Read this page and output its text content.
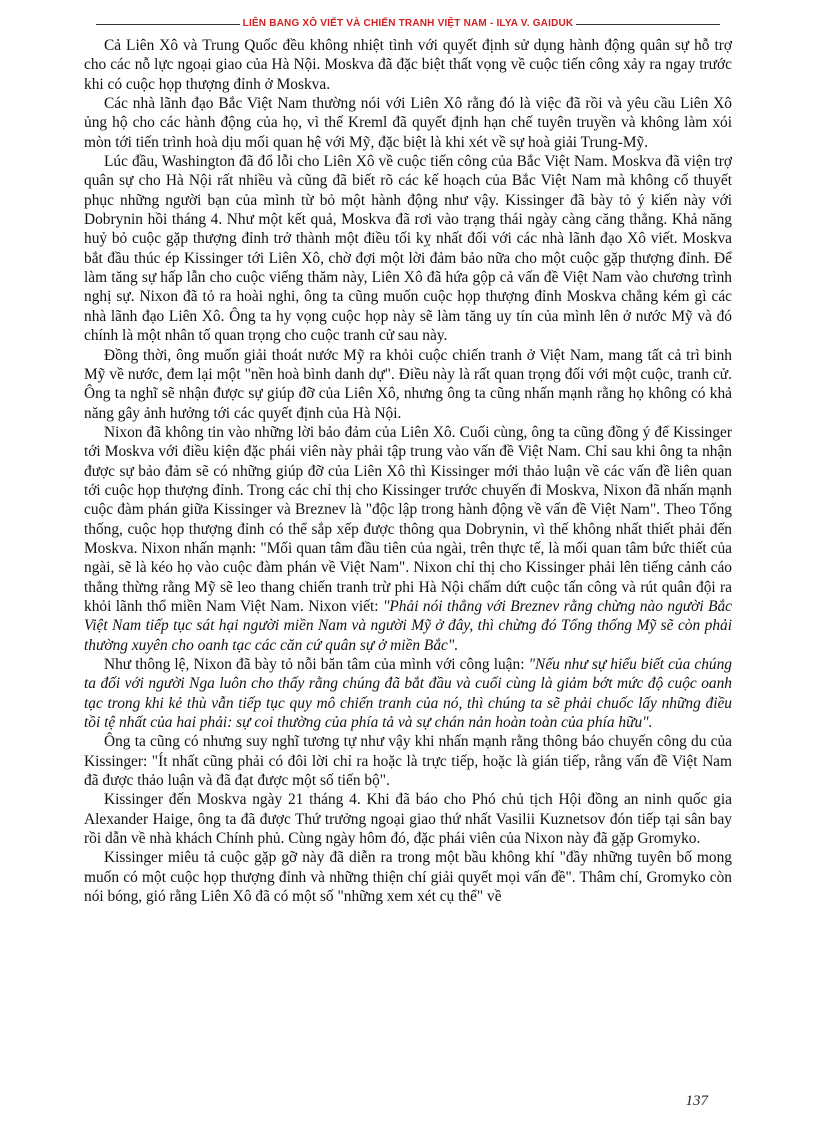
LIÊN BANG XÔ VIẾT VÀ CHIẾN TRANH VIỆT NAM - ILYA V. GAIDUK

Cả Liên Xô và Trung Quốc đều không nhiệt tình với quyết định sử dụng hành động quân sự hỗ trợ cho các nỗ lực ngoại giao của Hà Nội. Moskva đã đặc biệt thất vọng về cuộc tiến công xảy ra ngay trước khi có cuộc họp thượng đỉnh ở Moskva.

Các nhà lãnh đạo Bắc Việt Nam thường nói với Liên Xô rằng đó là việc đã rồi và yêu cầu Liên Xô ủng hộ cho các hành động của họ, vì thế Kreml đã quyết định hạn chế tuyên truyền và không làm xói mòn tới tiến trình hoà dịu mối quan hệ với Mỹ, đặc biệt là khi xét về sự hoà giải Trung-Mỹ.

Lúc đầu, Washington đã đổ lỗi cho Liên Xô về cuộc tiến công của Bắc Việt Nam. Moskva đã viện trợ quân sự cho Hà Nội rất nhiều và cũng đã biết rõ các kế hoạch của Bắc Việt Nam mà không cố thuyết phục những người bạn của mình từ bỏ một hành động như vậy. Kissinger đã bày tỏ ý kiến này với Dobrynin hồi tháng 4. Như một kết quả, Moskva đã rơi vào trạng thái ngày càng căng thẳng. Khả năng huỷ bỏ cuộc gặp thượng đỉnh trở thành một điều tối kỵ nhất đối với các nhà lãnh đạo Xô viết. Moskva bắt đầu thúc ép Kissinger tới Liên Xô, chờ đợi một lời đảm bảo nữa cho một cuộc gặp thượng đỉnh. Để làm tăng sự hấp lẫn cho cuộc viếng thăm này, Liên Xô đã hứa gộp cả vấn đề Việt Nam vào chương trình nghị sự. Nixon đã tỏ ra hoài nghi, ông ta cũng muốn cuộc họp thượng đỉnh Moskva chẳng kém gì các nhà lãnh đạo Liên Xô. Ông ta hy vọng cuộc họp này sẽ làm tăng uy tín của mình lên ở nước Mỹ và đó chính là một nhân tố quan trọng cho cuộc tranh cử sau này.

Đồng thời, ông muốn giải thoát nước Mỹ ra khỏi cuộc chiến tranh ở Việt Nam, mang tất cả trì binh Mỹ về nước, đem lại một "nền hoà bình danh dự". Điều này là rất quan trọng đối với một cuộc, tranh cử. Ông ta nghĩ sẽ nhận được sự giúp đỡ của Liên Xô, nhưng ông ta cũng nhấn mạnh rằng họ không có khả năng gây ảnh hưởng tới các quyết định của Hà Nội.

Nixon đã không tin vào những lời bảo đảm của Liên Xô. Cuối cùng, ông ta cũng đồng ý để Kissinger tới Moskva với điều kiện đặc phái viên này phải tập trung vào vấn đề Việt Nam. Chỉ sau khi ông ta nhận được sự bảo đảm sẽ có những giúp đỡ của Liên Xô thì Kissinger mới thảo luận về các vấn đề liên quan tới cuộc họp thượng đỉnh. Trong các chỉ thị cho Kissinger trước chuyến đi Moskva, Nixon đã nhấn mạnh cuộc đàm phán giữa Kissinger và Breznev là "độc lập trong hành động về vấn đề Việt Nam". Theo Tổng thống, cuộc họp thượng đỉnh có thể sắp xếp được thông qua Dobrynin, vì thế không nhất thiết phải đến Moskva. Nixon nhấn mạnh: "Mối quan tâm đầu tiên của ngài, trên thực tế, là mối quan tâm bức thiết của ngài, sẽ là kéo họ vào cuộc đàm phán về Việt Nam". Nixon chỉ thị cho Kissinger phải lên tiếng cảnh cáo thẳng thừng rằng Mỹ sẽ leo thang chiến tranh trừ phi Hà Nội chấm dứt cuộc tấn công và rút quân đội ra khỏi lãnh thổ miền Nam Việt Nam. Nixon viết: "Phải nói thẳng với Breznev rằng chừng nào người Bắc Việt Nam tiếp tục sát hại người miền Nam và người Mỹ ở đây, thì chừng đó Tổng thống Mỹ sẽ còn phải thường xuyên cho oanh tạc các căn cứ quân sự ở miền Bắc".

Như thông lệ, Nixon đã bày tỏ nỗi băn tâm của mình với công luận: "Nếu như sự hiểu biết của chúng ta đối với người Nga luôn cho thấy rằng chúng đã bắt đầu và cuối cùng là giảm bớt mức độ cuộc oanh tạc trong khi kẻ thù vẫn tiếp tục quy mô chiến tranh của nó, thì chúng ta sẽ phải chuốc lấy những điều tồi tệ nhất của hai phải: sự coi thường của phía tả và sự chán nản hoàn toàn của phía hữu".

Ông ta cũng có nhưng suy nghĩ tương tự như vậy khi nhấn mạnh rằng thông báo chuyến công du của Kissinger: "Ít nhất cũng phải có đôi lời chỉ ra hoặc là trực tiếp, hoặc là gián tiếp, rằng vấn đề Việt Nam đã được thảo luận và đã đạt được một số tiến bộ".

Kissinger đến Moskva ngày 21 tháng 4. Khi đã báo cho Phó chủ tịch Hội đồng an ninh quốc gia Alexander Haige, ông ta đã được Thứ trưởng ngoại giao thứ nhất Vasilii Kuznetsov đón tiếp tại sân bay rồi dẫn về nhà khách Chính phủ. Cùng ngày hôm đó, đặc phái viên của Nixon này đã gặp Gromyko.

Kissinger miêu tả cuộc gặp gỡ này đã diễn ra trong một bầu không khí "đầy những tuyên bố mong muốn có một cuộc họp thượng đỉnh và những thiện chí giải quyết mọi vấn đề". Thâm chí, Gromyko còn nói bóng, gió rằng Liên Xô đã có một số "những xem xét cụ thể" về

137
